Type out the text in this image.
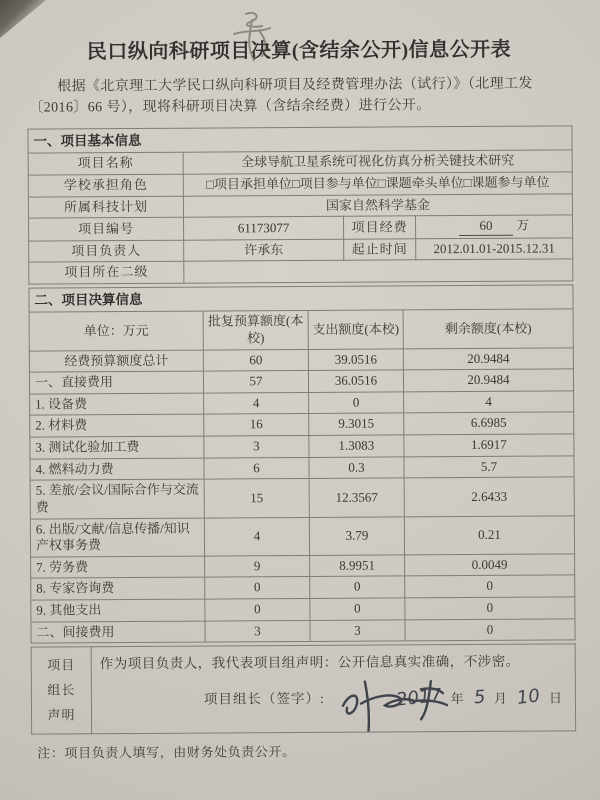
民口纵向科研项目决算(含结余公开)信息公开表

根据《北京理工大学民口纵向科研项目及经费管理办法（试行）》（北理工发〔2016〕66 号），现将科研项目决算（含结余经费）进行公开。

一、项目基本信息			
项目名称	全球导航卫星系统可视化仿真分析关键技术研究		
学校承担角色	□项目承担单位□项目参与单位□课题牵头单位□课题参与单位		
所属科技计划	国家自然科学基金		
项目编号	61173077	项目经费	60 万
项目负责人	许承东	起止时间	2012.01.01-2015.12.31
项目所在二级			
二、项目决算信息			
单位：万元	批复预算额度(本校)	支出额度(本校)	剩余额度(本校)
经费预算额度总计	60	39.0516	20.9484
一、直接费用	57	36.0516	20.9484
1. 设备费	4	0	4
2. 材料费	16	9.3015	6.6985
3. 测试化验加工费	3	1.3083	1.6917
4. 燃料动力费	6	0.3	5.7
5. 差旅/会议/国际合作与交流费	15	12.3567	2.6433
6. 出版/文献/信息传播/知识产权事务费	4	3.79	0.21
7. 劳务费	9	8.9951	0.0049
8. 专家咨询费	0	0	0
9. 其他支出	0	0	0
二、间接费用	3	3	0
项目
组长
声明

作为项目负责人，我代表项目组声明：公开信息真实准确，不涉密。

项目组长（签字）:	2017 年 5 月 10 日

注：项目负责人填写，由财务处负责公开。
